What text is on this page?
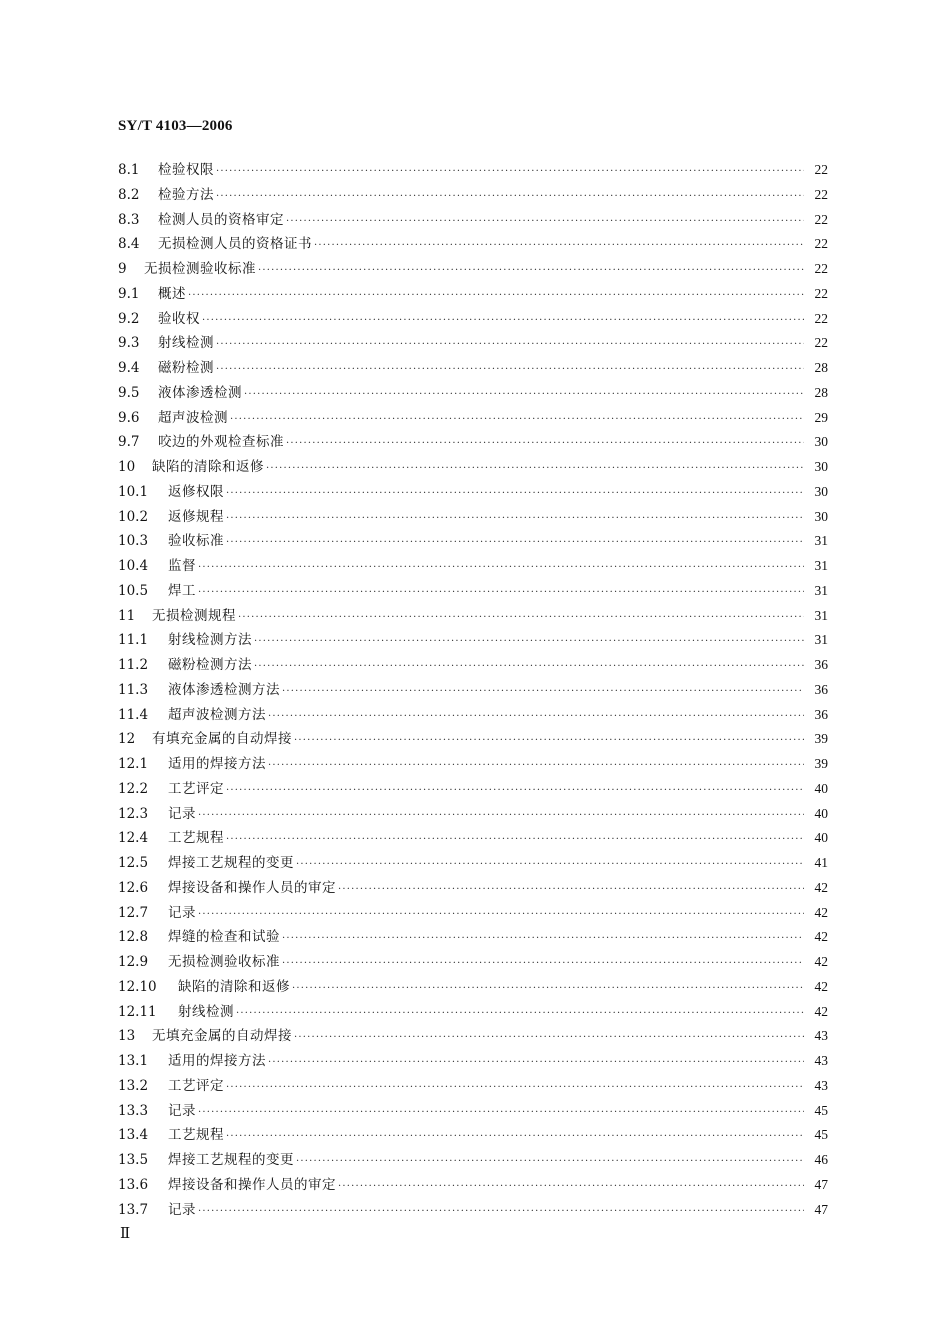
SY/T 4103—2006
8.1	检验权限 ·····	22
8.2	检验方法 ·····	22
8.3	检测人员的资格审定 ·····	22
8.4	无损检测人员的资格证书 ·····	22
9	无损检测验收标准 ·····	22
9.1	概述 ·····	22
9.2	验收权 ·····	22
9.3	射线检测 ·····	22
9.4	磁粉检测 ·····	28
9.5	液体渗透检测 ·····	28
9.6	超声波检测 ·····	29
9.7	咬边的外观检查标准 ·····	30
10	缺陷的清除和返修 ·····	30
10.1	返修权限 ·····	30
10.2	返修规程 ·····	30
10.3	验收标准 ·····	31
10.4	监督 ·····	31
10.5	焊工 ·····	31
11	无损检测规程 ·····	31
11.1	射线检测方法 ·····	31
11.2	磁粉检测方法 ·····	36
11.3	液体渗透检测方法 ·····	36
11.4	超声波检测方法 ·····	36
12	有填充金属的自动焊接 ·····	39
12.1	适用的焊接方法 ·····	39
12.2	工艺评定 ·····	40
12.3	记录 ·····	40
12.4	工艺规程 ·····	40
12.5	焊接工艺规程的变更 ·····	41
12.6	焊接设备和操作人员的审定 ·····	42
12.7	记录 ·····	42
12.8	焊缝的检查和试验 ·····	42
12.9	无损检测验收标准 ·····	42
12.10	缺陷的清除和返修 ·····	42
12.11	射线检测 ·····	42
13	无填充金属的自动焊接 ·····	43
13.1	适用的焊接方法 ·····	43
13.2	工艺评定 ·····	43
13.3	记录 ·····	45
13.4	工艺规程 ·····	45
13.5	焊接工艺规程的变更 ·····	46
13.6	焊接设备和操作人员的审定 ·····	47
13.7	记录 ·····	47
Ⅱ
